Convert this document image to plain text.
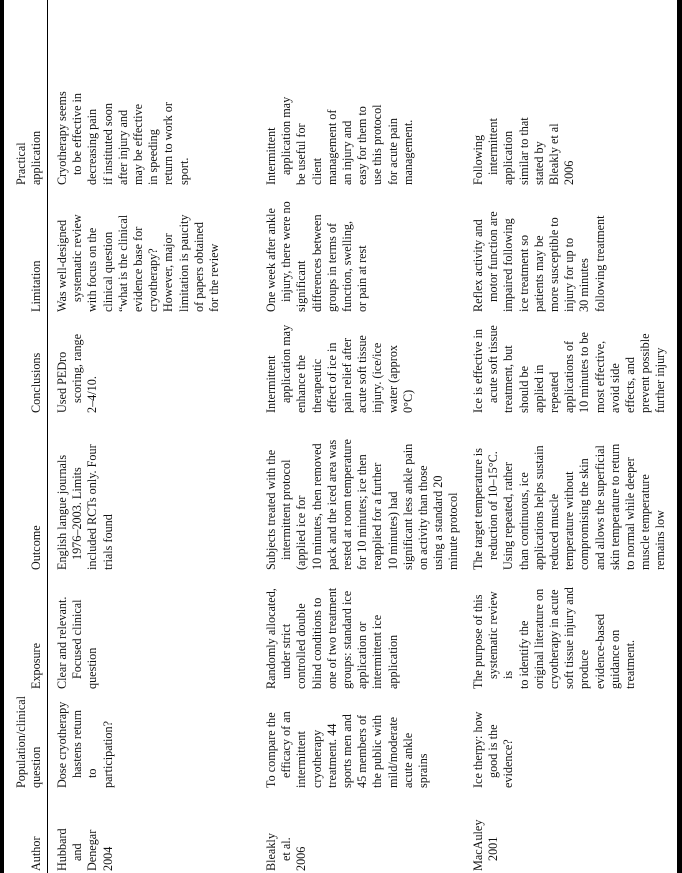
Author
Population/clinical question
Exposure
Outcome
Conclusions
Limitation
Practical application
Hubbard and Denegar 2004
Dose cryotherapy hastens return to participation?
Clear and relevant. Focused clinical question
English langue journals 1976–2003. Limits included RCTs only. Four trials found
Used PEDro scoring, range 2–4/10.
Was well-designed systematic review with focus on the clinical question “what is the clinical evidence base for cryotherapy? However, major limitation is paucity of papers obtained for the review
Cryotherapy seems to be effective in decreasing pain if instituted soon after injury and may be effective in speeding return to work or sport.
Bleakly et al. 2006
To compare the efficacy of an intermittent cryotherapy treatment. 44 sports men and 45 members of the public with mild/moderate acute ankle sprains
Randomly allocated, under strict controlled double blind conditions to one of two treatment groups: standard ice application or intermittent ice application
Subjects treated with the intermittent protocol (applied ice for 10 minutes, then removed pack and the iced area was rested at room temperature for 10 minutes; ice then reapplied for a further 10 minutes) had significant less ankle pain on activity than those using a standard 20 minute protocol
Intermittent application may enhance the therapeutic effect of ice in pain relief after acute soft tissue injury. (ice/ice water (approx 0°C)
One week after ankle injury, there were no significant differences between groups in terms of function, swelling, or pain at rest
Intermittent application may be useful for client management of an injury and easy for them to use this protocol for acute pain management.
MacAuley 2001
Ice therpy: how good is the evidence?
The purpose of this systematic review is to identify the original literature on cryotherapy in acute soft tissue injury and produce evidence-based guidance on treatment.
The target temperature is reduction of 10–15°C. Using repeated, rather than continuous, ice applications helps sustain reduced muscle temperature without compromising the skin and allows the superficial skin temperature to return to normal while deeper muscle temperature remains low
Ice is effective in acute soft tissue treatment, but should be applied in repeated applications of 10 minutes to be most effective, avoid side effects, and prevent possible further injury
Reflex activity and motor function are impaired following ice treatment so patients may be more susceptible to injury for up to 30 minutes following treatment
Following intermittent application similar to that stated by Bleakly et al 2006
